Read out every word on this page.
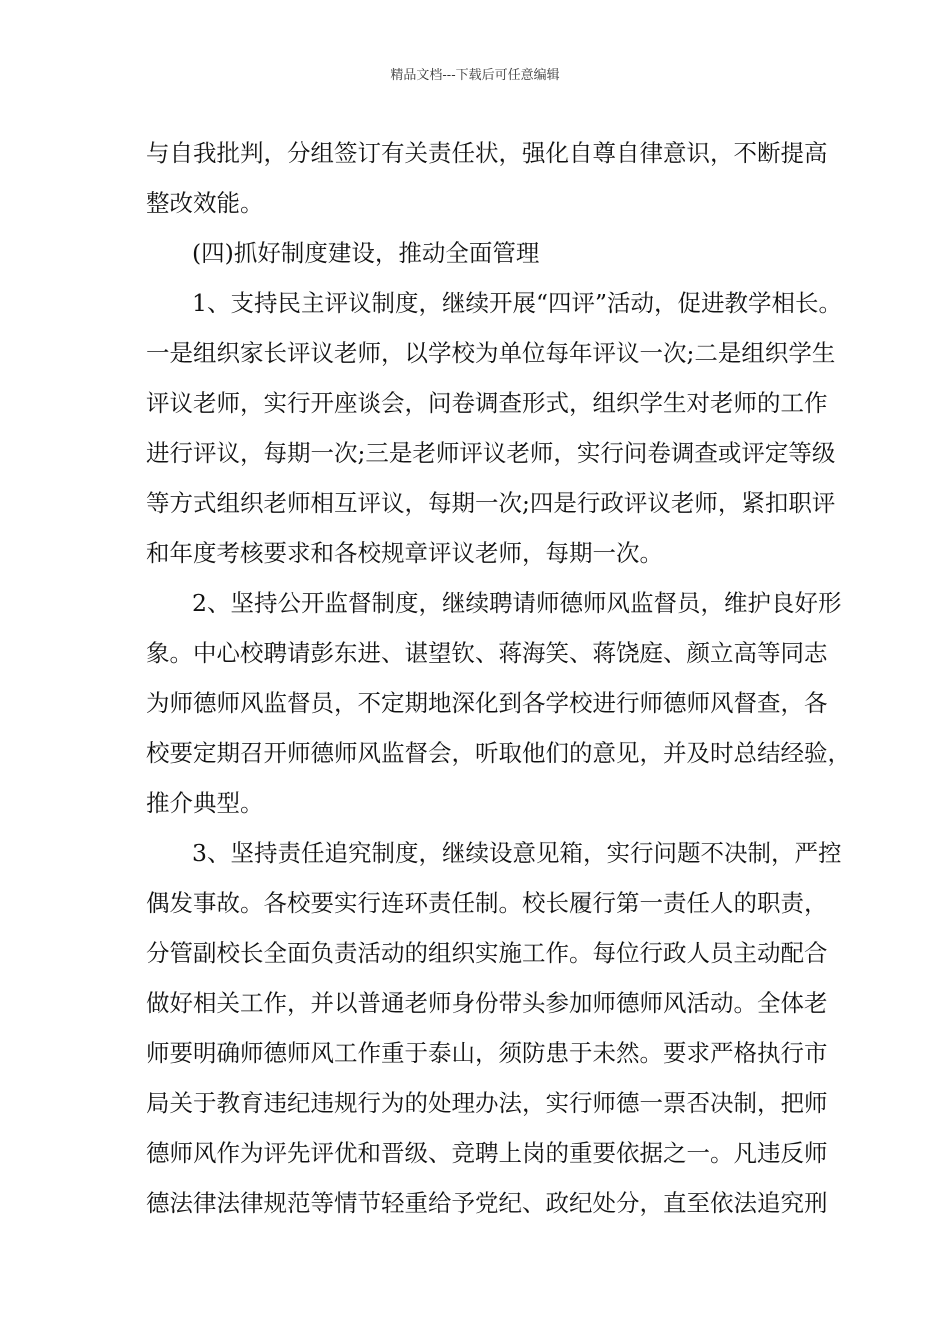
精品文档---下载后可任意编辑
与自我批判，分组签订有关责任状，强化自尊自律意识，不断提高
整改效能。
(四)抓好制度建设，推动全面管理
1、支持民主评议制度，继续开展“四评”活动，促进教学相长。
一是组织家长评议老师，以学校为单位每年评议一次;二是组织学生
评议老师，实行开座谈会，问卷调查形式，组织学生对老师的工作
进行评议，每期一次;三是老师评议老师，实行问卷调查或评定等级
等方式组织老师相互评议，每期一次;四是行政评议老师，紧扣职评
和年度考核要求和各校规章评议老师，每期一次。
2、坚持公开监督制度，继续聘请师德师风监督员，维护良好形
象。中心校聘请彭东进、谌望钦、蒋海笑、蒋饶庭、颜立高等同志
为师德师风监督员，不定期地深化到各学校进行师德师风督查，各
校要定期召开师德师风监督会，听取他们的意见，并及时总结经验，
推介典型。
3、坚持责任追究制度，继续设意见箱，实行问题不决制，严控
偶发事故。各校要实行连环责任制。校长履行第一责任人的职责，
分管副校长全面负责活动的组织实施工作。每位行政人员主动配合
做好相关工作，并以普通老师身份带头参加师德师风活动。全体老
师要明确师德师风工作重于泰山，须防患于未然。要求严格执行市
局关于教育违纪违规行为的处理办法，实行师德一票否决制，把师
德师风作为评先评优和晋级、竞聘上岗的重要依据之一。凡违反师
德法律法律规范等情节轻重给予党纪、政纪处分，直至依法追究刑
